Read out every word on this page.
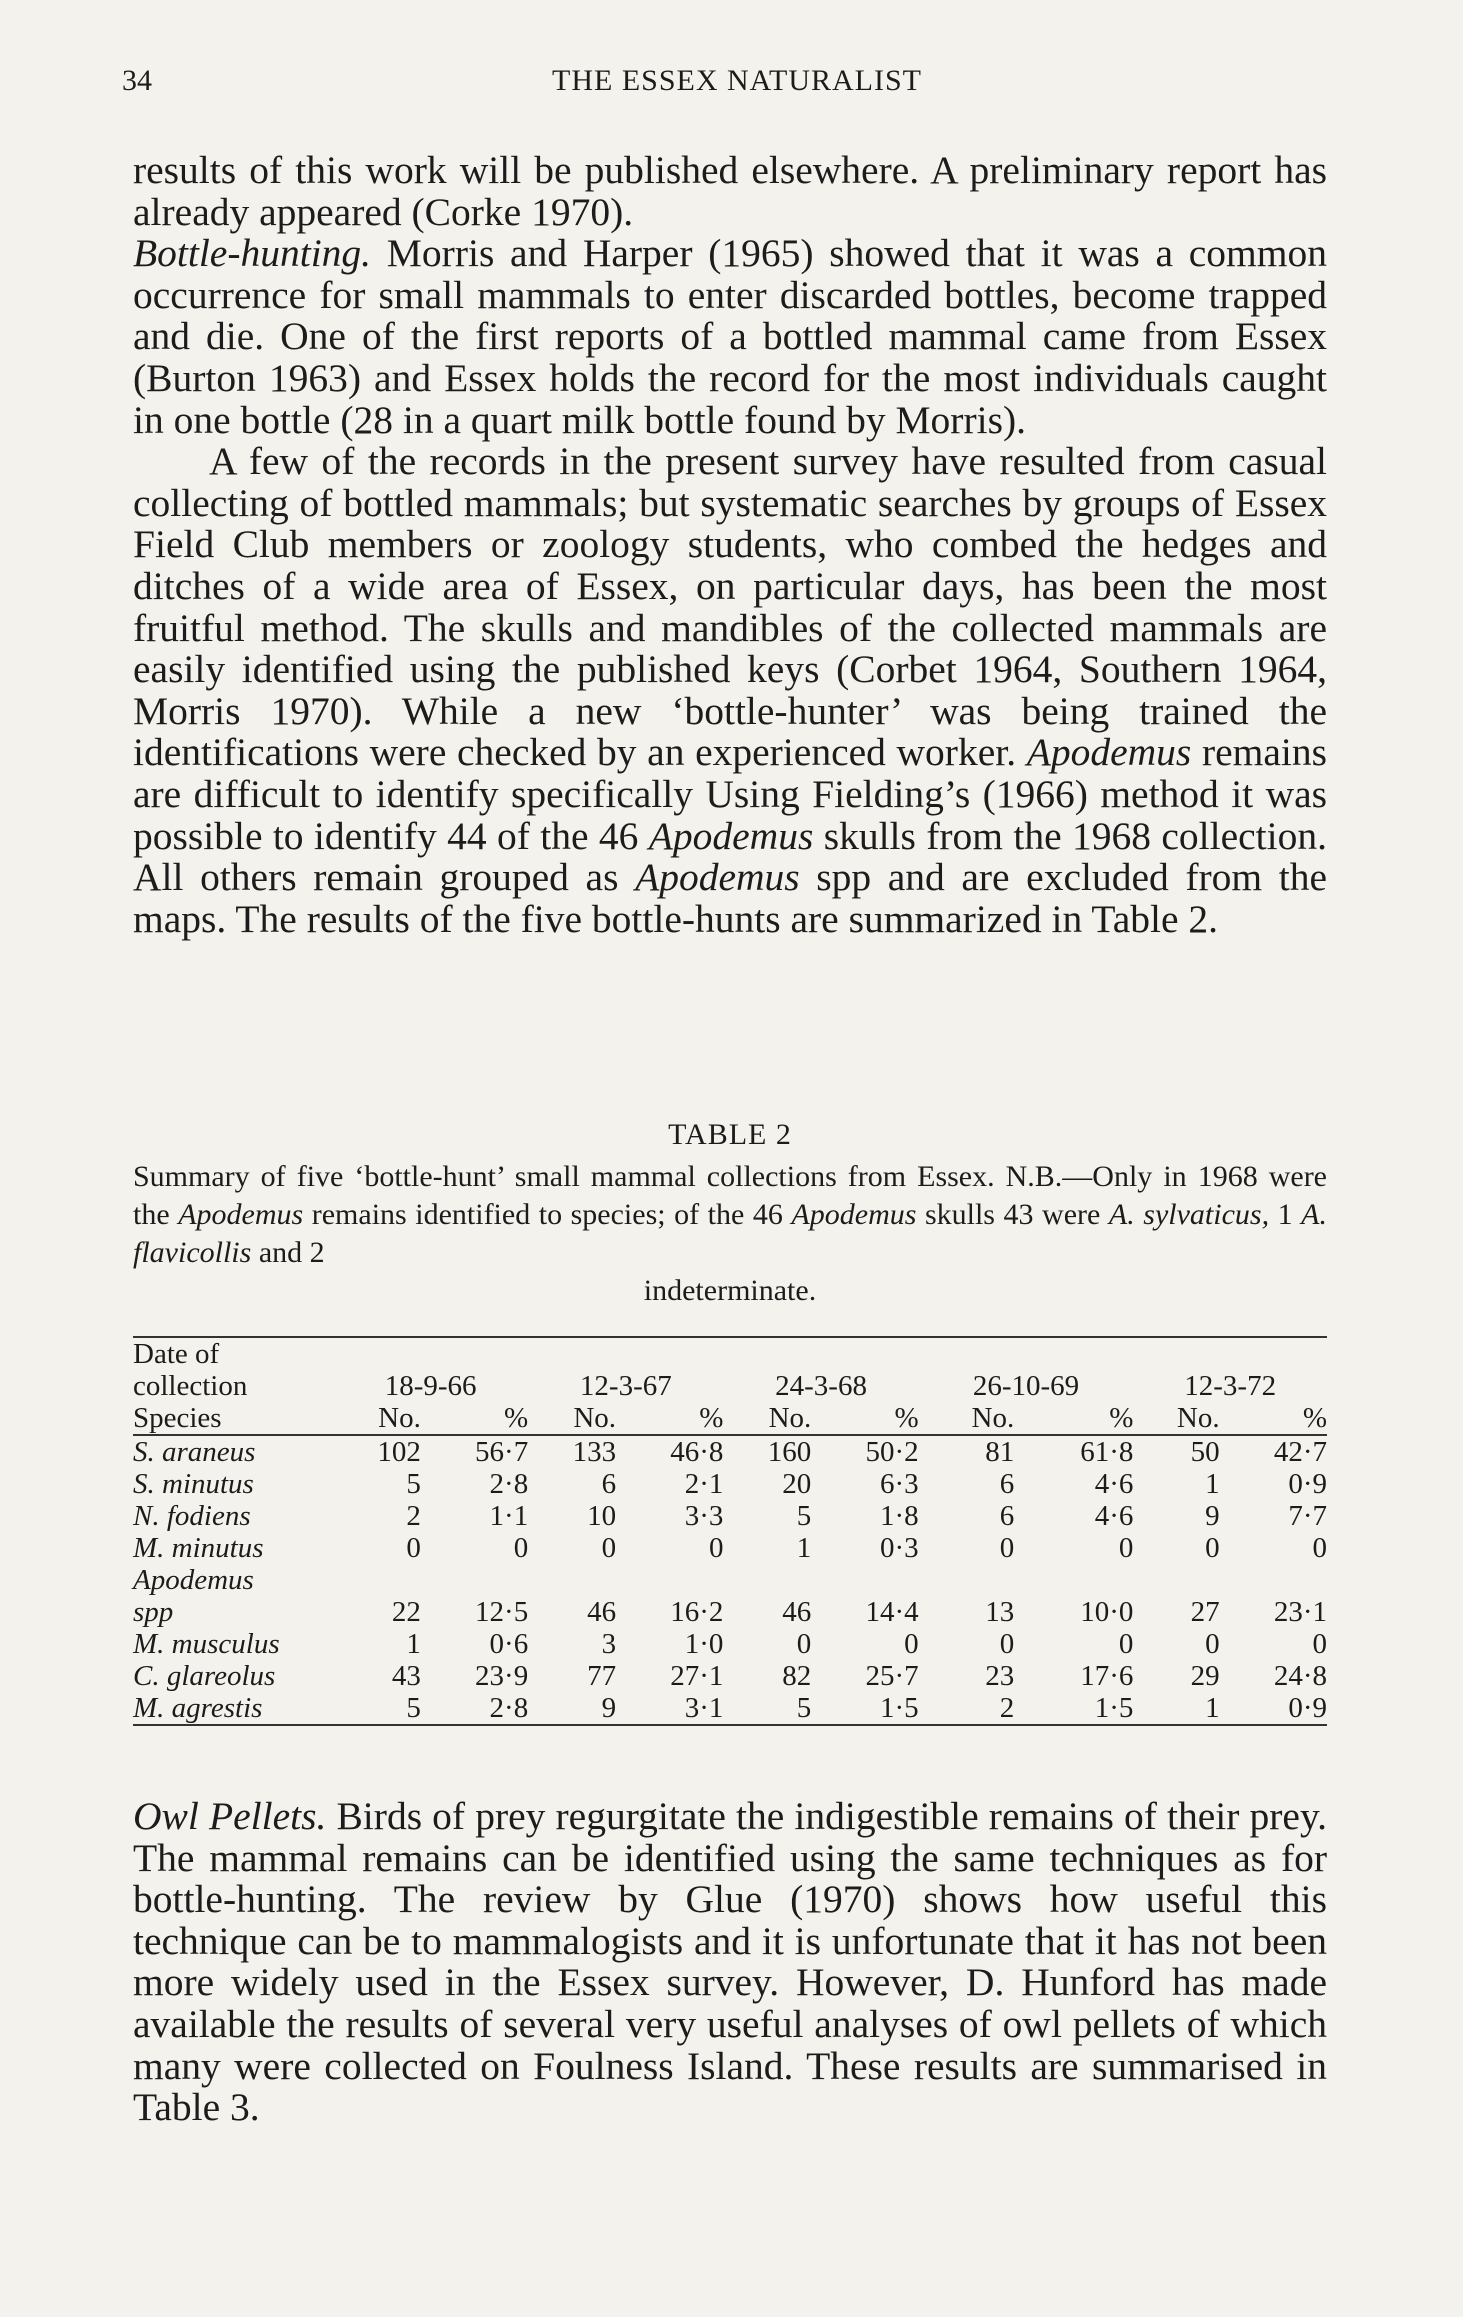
34	THE ESSEX NATURALIST

results of this work will be published elsewhere. A preliminary report has already appeared (Corke 1970).

Bottle-hunting. Morris and Harper (1965) showed that it was a common occurrence for small mammals to enter discarded bottles, become trapped and die. One of the first reports of a bottled mammal came from Essex (Burton 1963) and Essex holds the record for the most individuals caught in one bottle (28 in a quart milk bottle found by Morris).

A few of the records in the present survey have resulted from casual collecting of bottled mammals; but systematic searches by groups of Essex Field Club members or zoology students, who combed the hedges and ditches of a wide area of Essex, on particular days, has been the most fruitful method. The skulls and mandibles of the collected mammals are easily identified using the published keys (Corbet 1964, Southern 1964, Morris 1970). While a new ‘bottle-hunter’ was being trained the identifications were checked by an experienced worker. Apodemus remains are difficult to identify specifically Using Fielding’s (1966) method it was possible to identify 44 of the 46 Apodemus skulls from the 1968 collection. All others remain grouped as Apodemus spp and are excluded from the maps. The results of the five bottle-hunts are summarized in Table 2.

TABLE 2

Summary of five ‘bottle-hunt’ small mammal collections from Essex. N.B.—Only in 1968 were the Apodemus remains identified to species; of the 46 Apodemus skulls 43 were A. sylvaticus, 1 A. flavicollis and 2

indeterminate.
Date of										
collection	18-9-66		12-3-67		24-3-68		26-10-69		12-3-72	
Species	No.	%	No.	%	No.	%	No.	%	No.	%
S. araneus	102	56·7	133	46·8	160	50·2	81	61·8	50	42·7
S. minutus	5	2·8	6	2·1	20	6·3	6	4·6	1	0·9
N. fodiens	2	1·1	10	3·3	5	1·8	6	4·6	9	7·7
M. minutus	0	0	0	0	1	0·3	0	0	0	0
Apodemus										
spp	22	12·5	46	16·2	46	14·4	13	10·0	27	23·1
M. musculus	1	0·6	3	1·0	0	0	0	0	0	0
C. glareolus	43	23·9	77	27·1	82	25·7	23	17·6	29	24·8
M. agrestis	5	2·8	9	3·1	5	1·5	2	1·5	1	0·9

Owl Pellets. Birds of prey regurgitate the indigestible remains of their prey. The mammal remains can be identified using the same techniques as for bottle-hunting. The review by Glue (1970) shows how useful this technique can be to mammalogists and it is unfortunate that it has not been more widely used in the Essex survey. However, D. Hunford has made available the results of several very useful analyses of owl pellets of which many were collected on Foulness Island. These results are summarised in Table 3.
